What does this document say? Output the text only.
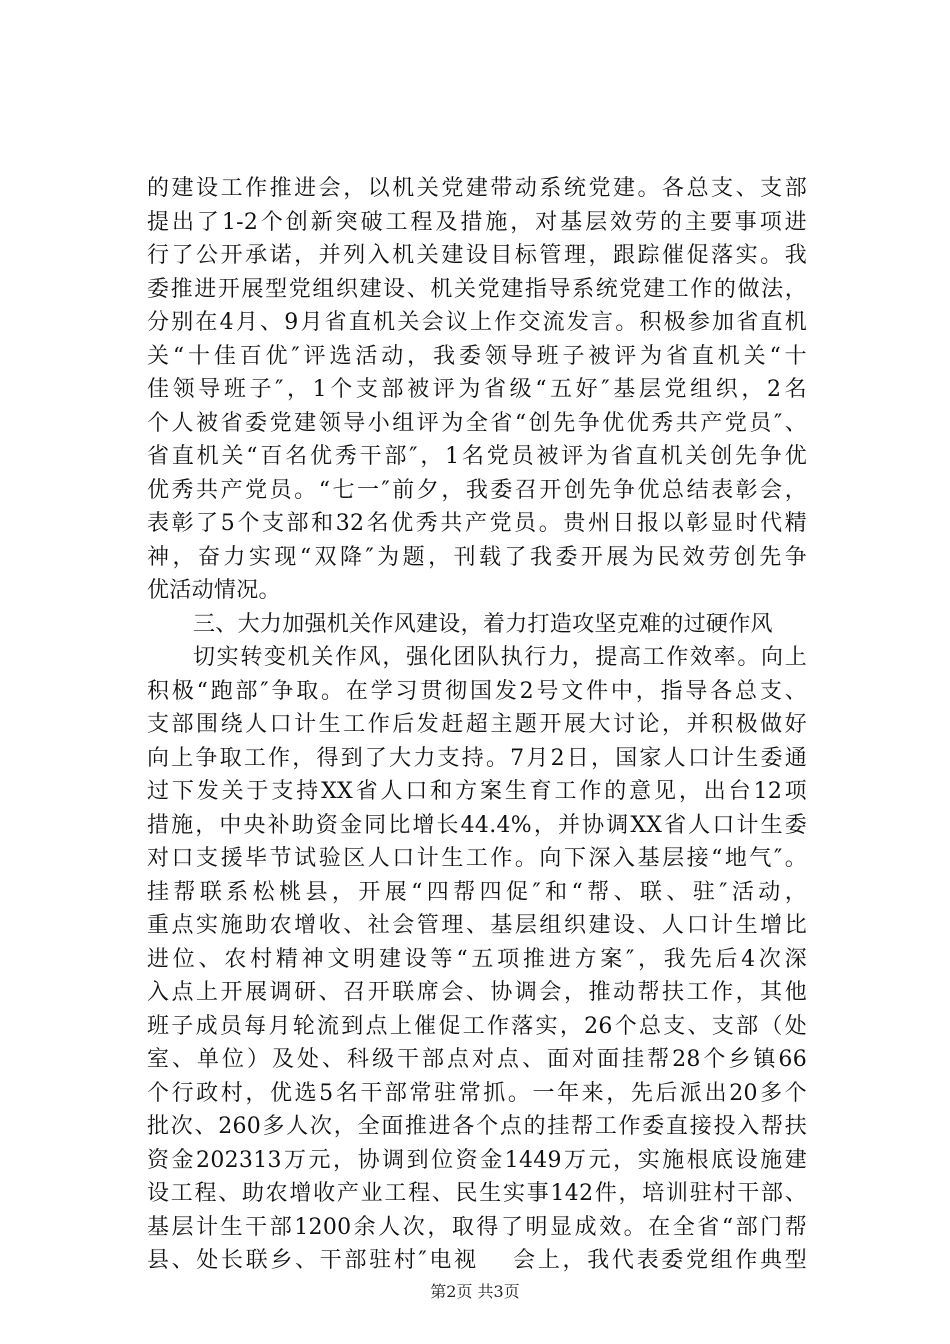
的建设工作推进会，以机关党建带动系统党建。各总支、支部
提出了1-2个创新突破工程及措施，对基层效劳的主要事项进
行了公开承诺，并列入机关建设目标管理，跟踪催促落实。我
委推进开展型党组织建设、机关党建指导系统党建工作的做法，
分别在4月、9月省直机关会议上作交流发言。积极参加省直机
关“十佳百优″评选活动，我委领导班子被评为省直机关“十
佳领导班子″，1个支部被评为省级“五好″基层党组织，2名
个人被省委党建领导小组评为全省“创先争优优秀共产党员″、
省直机关“百名优秀干部″，1名党员被评为省直机关创先争优
优秀共产党员。“七一″前夕，我委召开创先争优总结表彰会，
表彰了5个支部和32名优秀共产党员。贵州日报以彰显时代精
神，奋力实现“双降″为题，刊载了我委开展为民效劳创先争
优活动情况。
三、大力加强机关作风建设，着力打造攻坚克难的过硬作风
切实转变机关作风，强化团队执行力，提高工作效率。向上
积极“跑部″争取。在学习贯彻国发2号文件中，指导各总支、
支部围绕人口计生工作后发赶超主题开展大讨论，并积极做好
向上争取工作，得到了大力支持。7月2日，国家人口计生委通
过下发关于支持XX省人口和方案生育工作的意见，出台12项
措施，中央补助资金同比增长44.4%，并协调XX省人口计生委
对口支援毕节试验区人口计生工作。向下深入基层接“地气″。
挂帮联系松桃县，开展“四帮四促″和“帮、联、驻″活动，
重点实施助农增收、社会管理、基层组织建设、人口计生增比
进位、农村精神文明建设等“五项推进方案″，我先后4次深
入点上开展调研、召开联席会、协调会，推动帮扶工作，其他
班子成员每月轮流到点上催促工作落实，26个总支、支部（处
室、单位）及处、科级干部点对点、面对面挂帮28个乡镇66
个行政村，优选5名干部常驻常抓。一年来，先后派出20多个
批次、260多人次，全面推进各个点的挂帮工作委直接投入帮扶
资金202313万元，协调到位资金1449万元，实施根底设施建
设工程、助农增收产业工程、民生实事142件，培训驻村干部、
基层计生干部1200余人次，取得了明显成效。在全省“部门帮
县、处长联乡、干部驻村″电视　 会上，我代表委党组作典型
第2页 共3页
